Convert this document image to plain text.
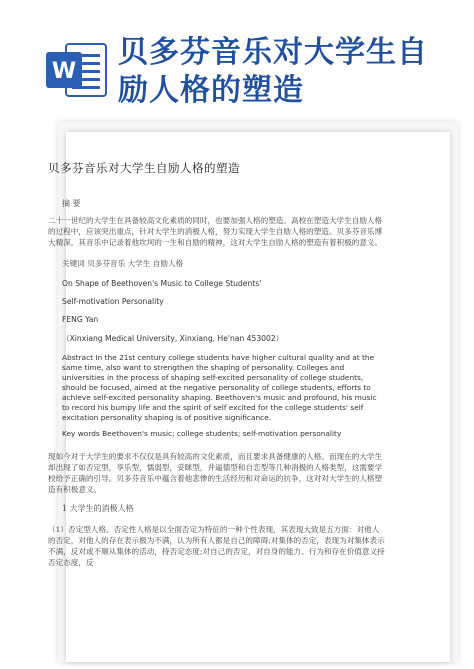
W
贝多芬音乐对大学生自励人格的塑造
贝多芬音乐对大学生自励人格的塑造
摘 要
二十一世纪的大学生在具备较高文化素质的同时，也要加强人格的塑造。高校在塑造大学生自励人格的过程中，应该突出重点，针对大学生的消极人格，努力实现大学生自励人格的塑造。贝多芬音乐博大精深，其音乐中记录着他坎坷的一生和自励的精神，这对大学生自励人格的塑造有着积极的意义。
关键词 贝多芬音乐 大学生 自励人格
On Shape of Beethoven's Music to College Students'
Self-motivation Personality
FENG Yan
（Xinxiang Medical University, Xinxiang, He'nan 453002）
Abstract In the 21st century college students have higher cultural quality and at the same time, also want to strengthen the shaping of personality. Colleges and universities in the process of shaping self-excited personality of college students, should be focused, aimed at the negative personality of college students, efforts to achieve self-excited personality shaping. Beethoven's music and profound, his music to record his bumpy life and the spirit of self excited for the college students' self excitation personality shaping is of positive significance.
Key words Beethoven's music; college students; self-motivation personality
现如今对于大学生的要求不仅仅是具有较高的文化素质，而且要求具备健康的人格。而现在的大学生却出现了如否定型，享乐型，懦弱型，妥眯型，并逼德型和自恋型等几种消极的人格类型，这需要学校给予正确的引导。贝多芬音乐中蕴含着他悲惨的生活经历和对命运的抗争，这对对大学生的人格塑造有积极意义。
1 大学生的消极人格
（1）否定型人格。否定性人格是以全面否定为特征的一种个性表现，其表现大致是五方面：对他人的否定，对他人的存在表示极为不满，认为所有人都是自己的障碍;对集体的否定，表现为对集体表示不满，反对或不顺从集体的活动，持否定态度;对自己的否定，对自身的能力、行为和存在价值意义持否定态度，反
